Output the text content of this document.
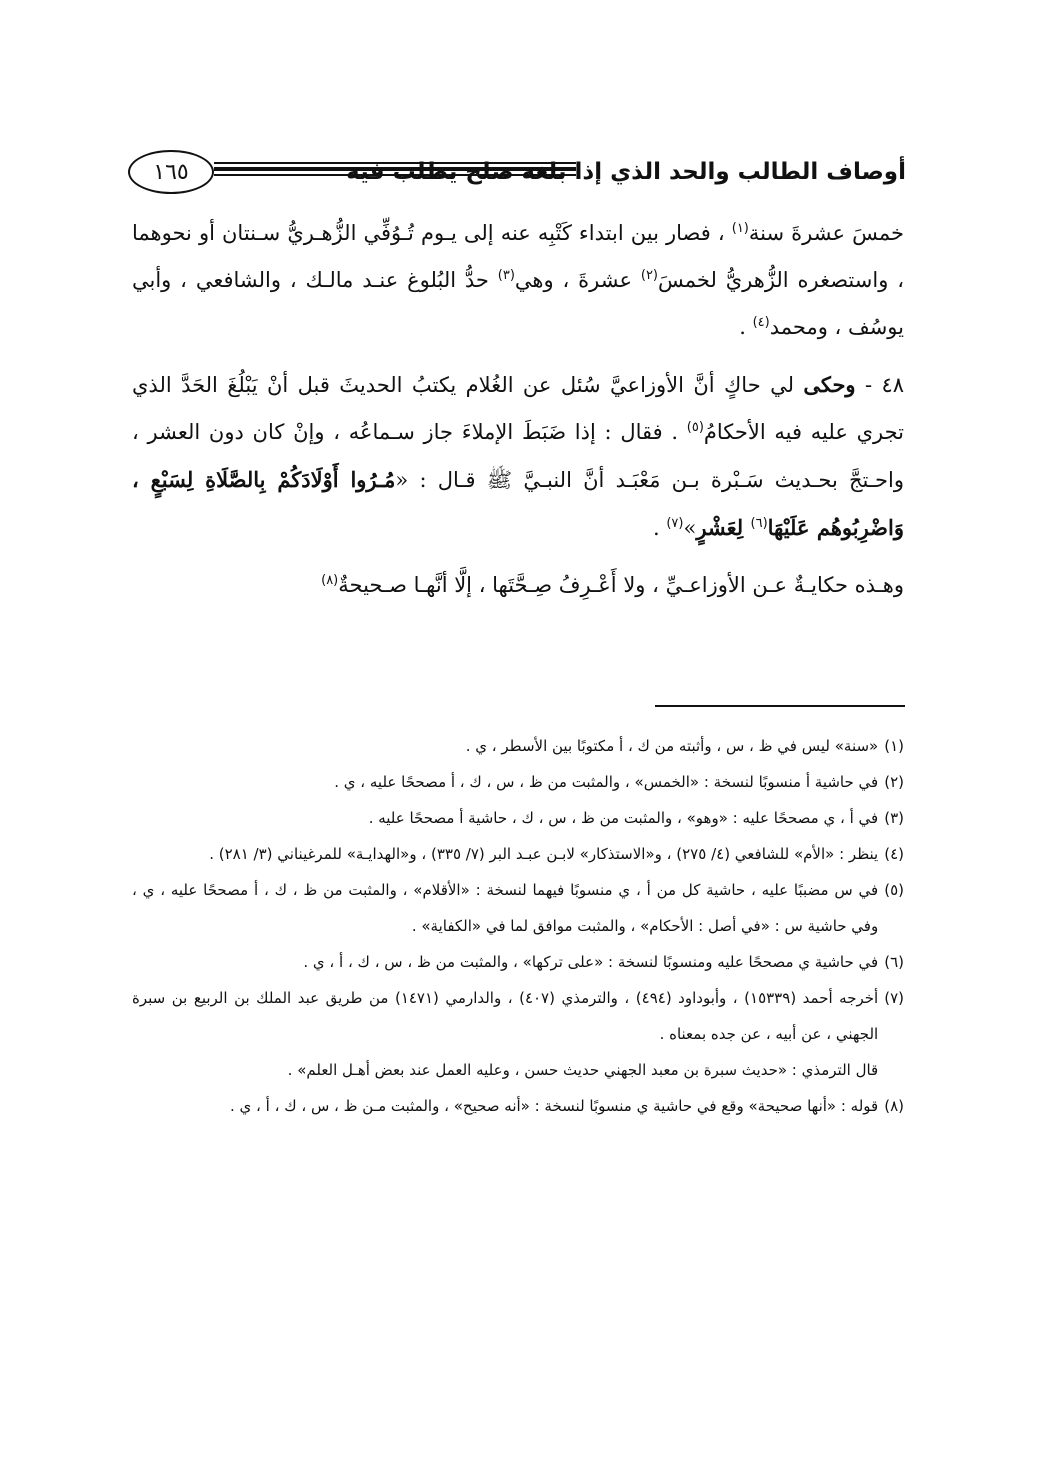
١٦٥	أوصاف الطالب والحد الذي إذا بلغه صلح يطلب فيه

خمسَ عشرةَ سنة$^{(١)}$ ، فصار بين ابتداء كَتْبِه عنه إلى يـوم تُـوُفِّي الزُّهـريُّ سـنتان أو نحوهما ، واستصغره الزُّهريُّ لخمسَ$^{(٢)}$ عشرةَ ، وهي$^{(٣)}$ حدُّ البُلوغ عنـد مالـك ، والشافعي ، وأبي يوسُف ، ومحمد$^{(٤)}$ .

٤٨ - وحكى لي حاكٍ أنَّ الأوزاعيَّ سُئل عن الغُلام يكتبُ الحديثَ قبل أنْ يَبْلُغَ الحَدَّ الذي تجري عليه فيه الأحكامُ$^{(٥)}$ . فقال : إذا ضَبَطَ الإملاءَ جاز سـماعُه ، وإنْ كان دون العشر ، واحـتجَّ بحـديث سَـبْرة بـن مَعْبَـد أنَّ النبـيَّ ﷺ قـال : «مُـرُوا أَوْلَادَكُمْ بِالصَّلَاةِ لِسَبْعٍ ، وَاضْرِبُوهُم عَلَيْهَا$^{(٦)}$ لِعَشْرٍ»$^{(٧)}$ .

وهـذه حكايـةٌ عـن الأوزاعـيِّ ، ولا أَعْـرِفُ صِـحَّتَها ، إلَّا أنَّهـا صـحيحةٌ$^{(٨)}$

(١)

«سنة» ليس في ظ ، س ، وأثبته من ك ، أ مكتوبًا بين الأسطر ، ي .

(٢)

في حاشية أ منسوبًا لنسخة : «الخمس» ، والمثبت من ظ ، س ، ك ، أ مصححًا عليه ، ي .

(٣)

في أ ، ي مصححًا عليه : «وهو» ، والمثبت من ظ ، س ، ك ، حاشية أ مصححًا عليه .

(٤)

ينظر : «الأم» للشافعي (٤/ ٢٧٥) ، و«الاستذكار» لابـن عبـد البر (٧/ ٣٣٥) ، و«الهدايـة» للمرغيناني (٣/ ٢٨١) .

(٥)

في س مضببًا عليه ، حاشية كل من أ ، ي منسوبًا فيهما لنسخة : «الأقلام» ، والمثبت من ظ ، ك ، أ مصححًا عليه ، ي ، وفي حاشية س : «في أصل : الأحكام» ، والمثبت موافق لما في «الكفاية» .

(٦)

في حاشية ي مصححًا عليه ومنسوبًا لنسخة : «على تركها» ، والمثبت من ظ ، س ، ك ، أ ، ي .

(٧)

أخرجه أحمد (١٥٣٣٩) ، وأبوداود (٤٩٤) ، والترمذي (٤٠٧) ، والدارمي (١٤٧١) من طريق عبد الملك بن الربيع بن سبرة الجهني ، عن أبيه ، عن جده بمعناه .

قال الترمذي : «حديث سبرة بن معبد الجهني حديث حسن ، وعليه العمل عند بعض أهـل العلم» .

(٨)

قوله : «أنها صحيحة» وقع في حاشية ي منسوبًا لنسخة : «أنه صحيح» ، والمثبت مـن ظ ، س ، ك ، أ ، ي .
